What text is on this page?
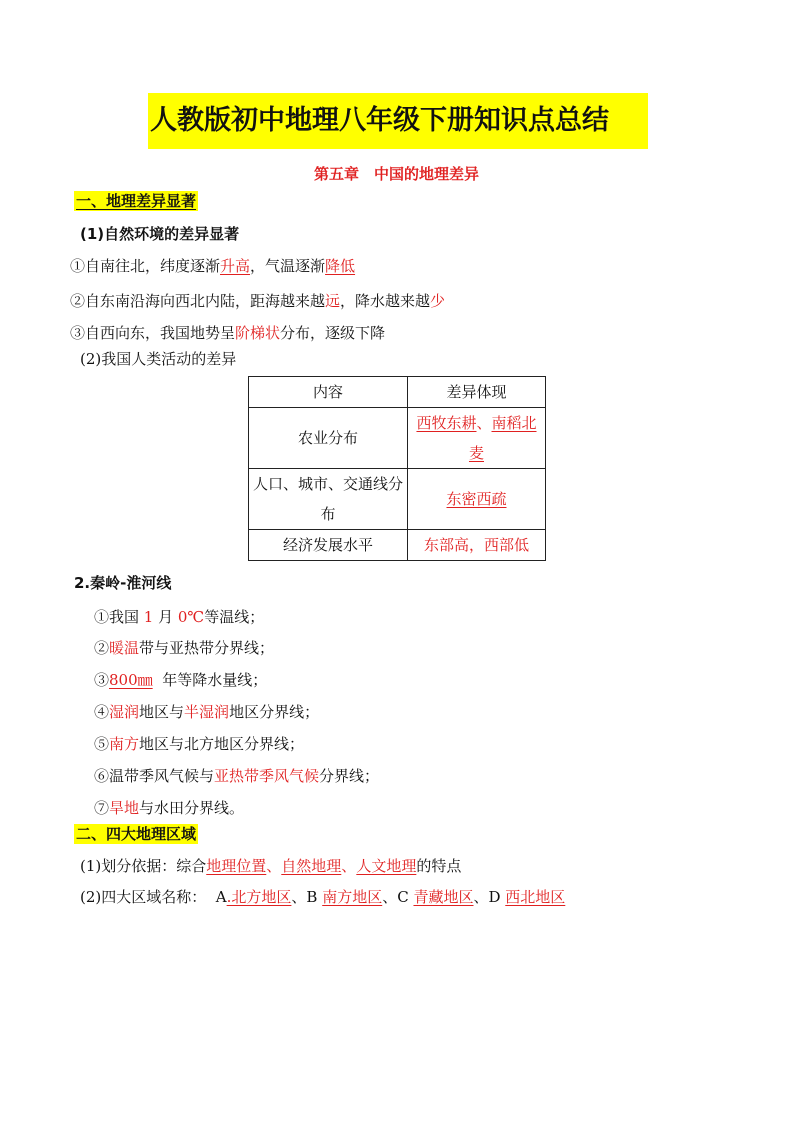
人教版初中地理八年级下册知识点总结
第五章　中国的地理差异
一、地理差异显著
(1)自然环境的差异显著
①自南往北，纬度逐渐升高，气温逐渐降低
②自东南沿海向西北内陆，距海越来越远，降水越来越少
③自西向东，我国地势呈阶梯状分布，逐级下降
(2)我国人类活动的差异
内容	差异体现
农业分布	西牧东耕、南稻北麦
人口、城市、交通线分布	东密西疏
经济发展水平	东部高，西部低
2.秦岭-淮河线
①我国 1 月 0℃等温线；
②暖温带与亚热带分界线；
③800㎜  年等降水量线；
④湿润地区与半湿润地区分界线；
⑤南方地区与北方地区分界线；
⑥温带季风气候与亚热带季风气候分界线；
⑦旱地与水田分界线。
二、四大地理区域
(1)划分依据：综合地理位置、自然地理、人文地理的特点
(2)四大区域名称：  A.北方地区、B 南方地区、C 青藏地区、D 西北地区
